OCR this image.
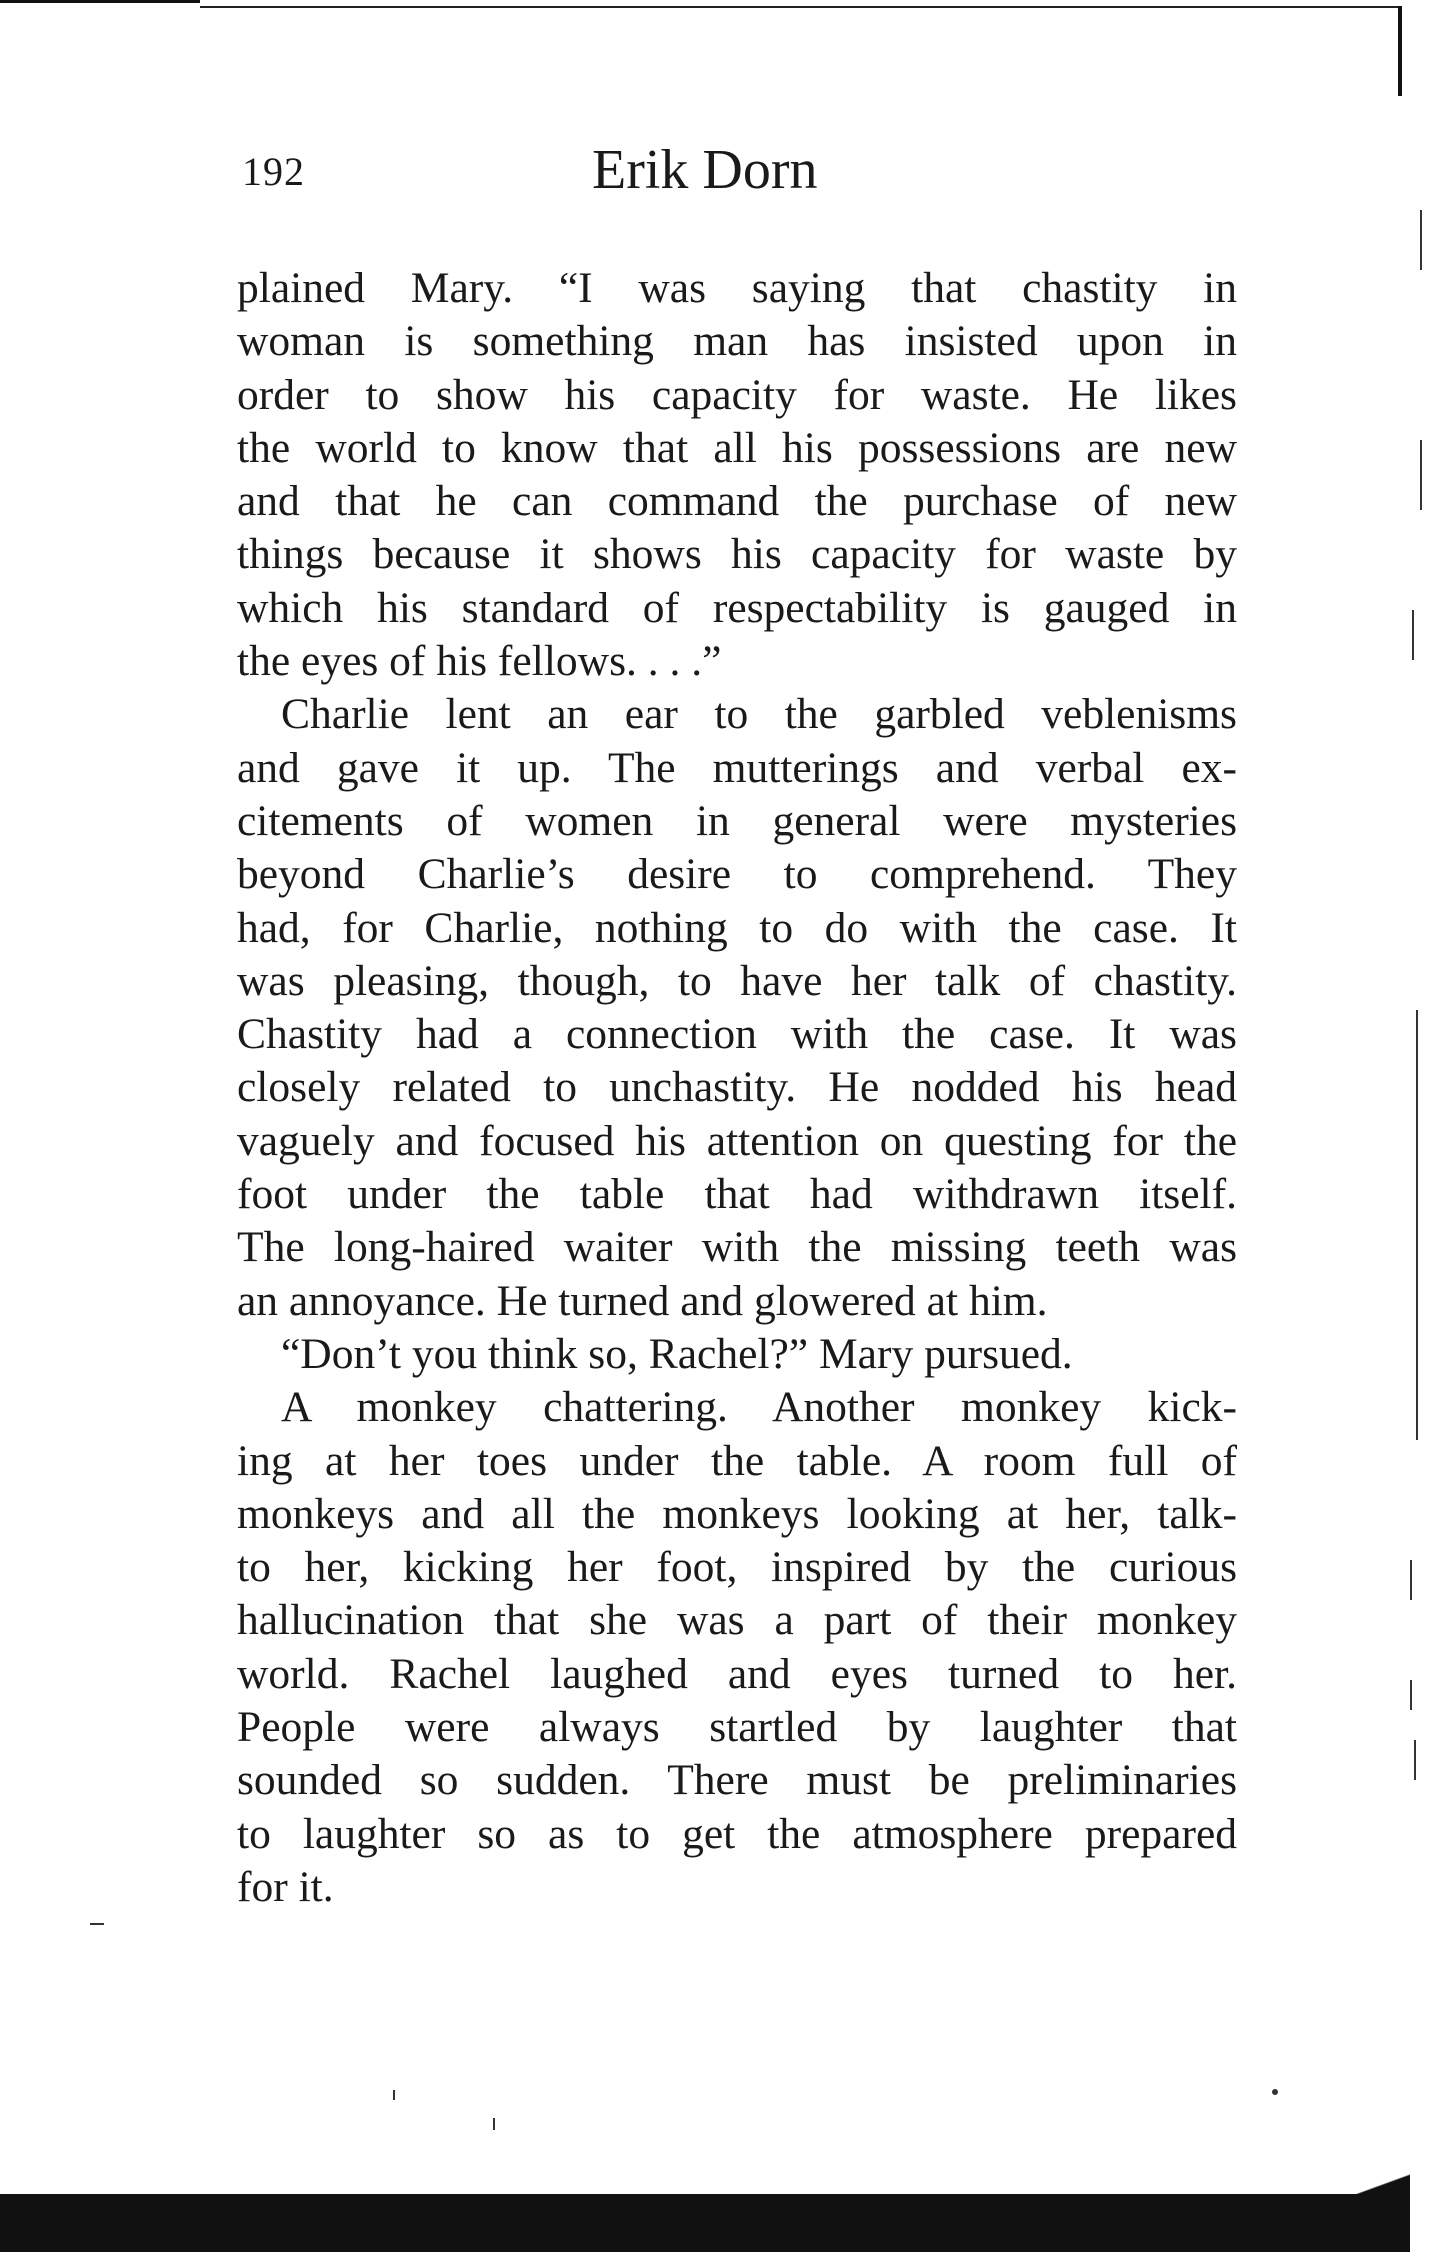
192	Erik Dorn
plained Mary. “I was saying that chastity in
woman is something man has insisted upon in
order to show his capacity for waste. He likes
the world to know that all his possessions are new
and that he can command the purchase of new
things because it shows his capacity for waste by
which his standard of respectability is gauged in
the eyes of his fellows. . . .”
Charlie lent an ear to the garbled veblenisms
and gave it up. The mutterings and verbal ex-
citements of women in general were mysteries
beyond Charlie’s desire to comprehend. They
had, for Charlie, nothing to do with the case. It
was pleasing, though, to have her talk of chastity.
Chastity had a connection with the case. It was
closely related to unchastity. He nodded his head
vaguely and focused his attention on questing for the
foot under the table that had withdrawn itself.
The long-haired waiter with the missing teeth was
an annoyance. He turned and glowered at him.
“Don’t you think so, Rachel?” Mary pursued.
A monkey chattering. Another monkey kick-
ing at her toes under the table. A room full of
monkeys and all the monkeys looking at her, talk-
to her, kicking her foot, inspired by the curious
hallucination that she was a part of their monkey
world. Rachel laughed and eyes turned to her.
People were always startled by laughter that
sounded so sudden. There must be preliminaries
to laughter so as to get the atmosphere prepared
for it.
